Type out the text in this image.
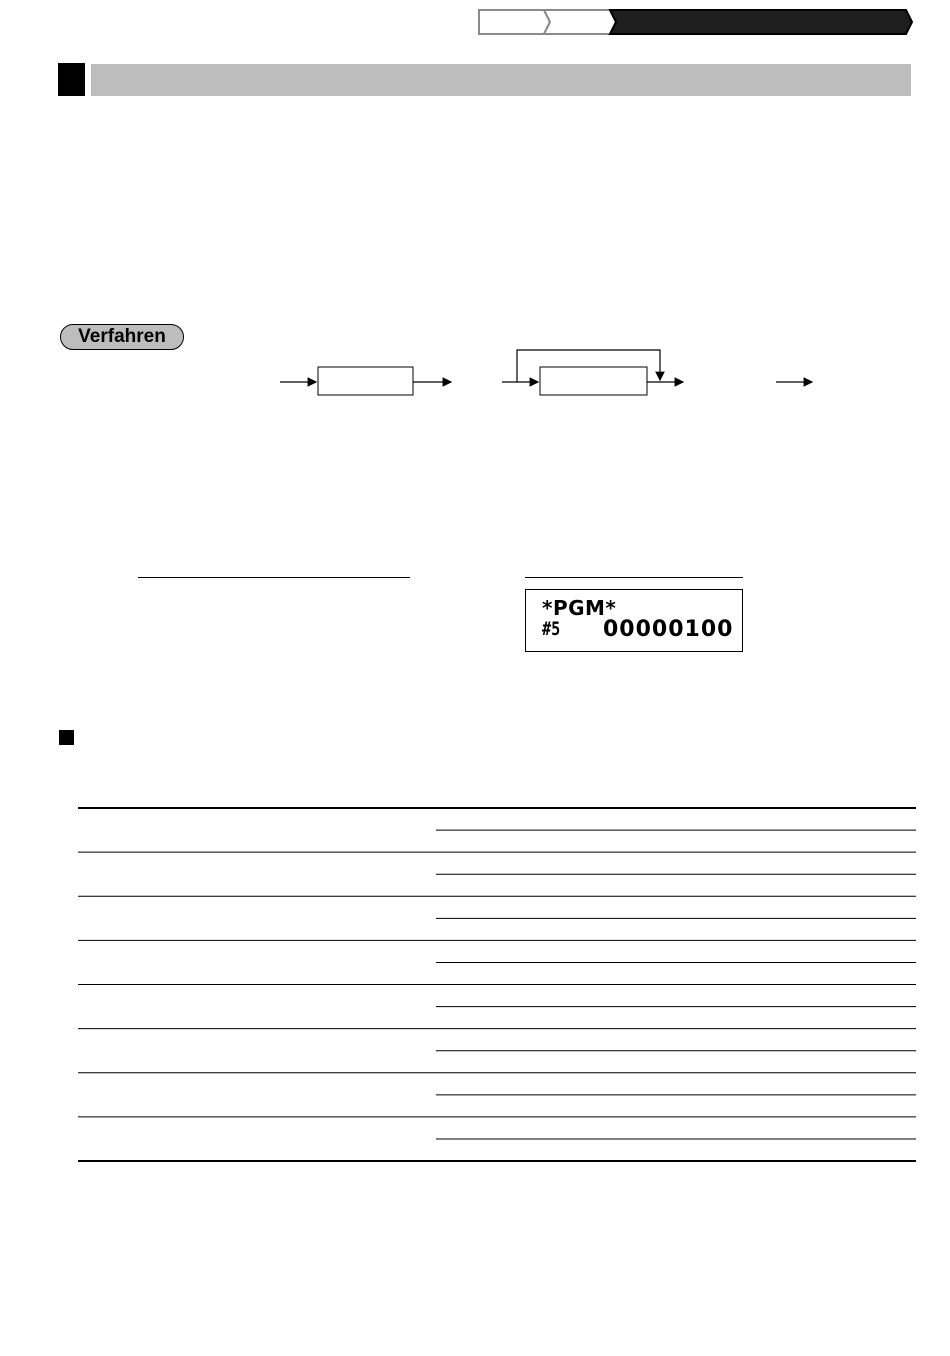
Verfahren
*PGM*
#5 00000100
